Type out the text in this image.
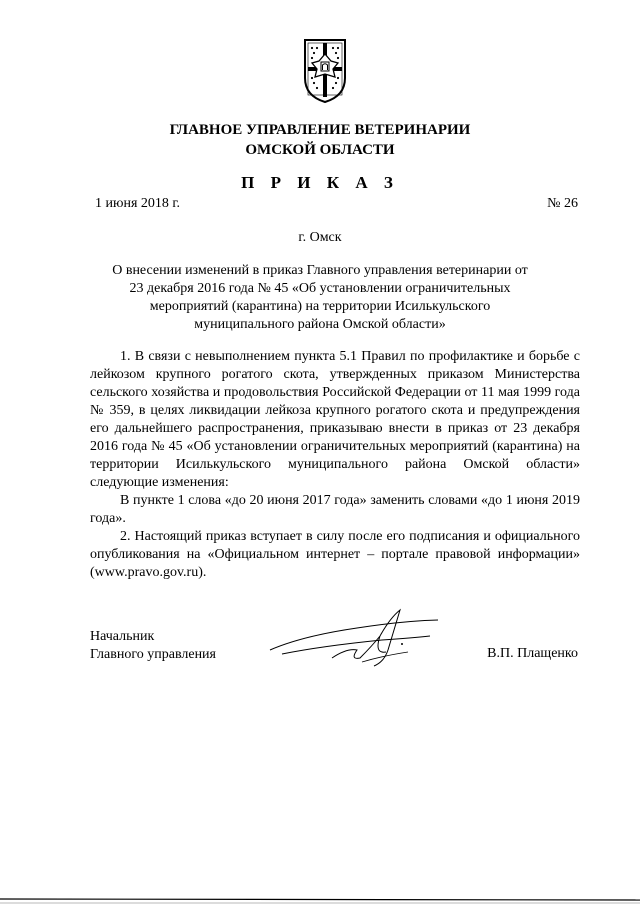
ГЛАВНОЕ УПРАВЛЕНИЕ ВЕТЕРИНАРИИ
ОМСКОЙ ОБЛАСТИ
П Р И К А З
1 июня 2018 г.	№ 26
г. Омск
О внесении изменений в приказ Главного управления ветеринарии от 23 декабря 2016 года № 45 «Об установлении ограничительных мероприятий (карантина) на территории Исилькульского муниципального района Омской области»

1. В связи с невыполнением пункта 5.1 Правил по профилактике и борьбе с лейкозом крупного рогатого скота, утвержденных приказом Министерства сельского хозяйства и продовольствия Российской Федерации от 11 мая 1999 года № 359, в целях ликвидации лейкоза крупного рогатого скота и предупреждения его дальнейшего распространения, приказываю внести в приказ от 23 декабря 2016 года № 45 «Об установлении ограничительных мероприятий (карантина) на территории Исилькульского муниципального района Омской области» следующие изменения:

В пункте 1 слова «до 20 июня 2017 года» заменить словами «до 1 июня 2019 года».

2. Настоящий приказ вступает в силу после его подписания и официального опубликования на «Официальном интернет – портале правовой информации» (www.pravo.gov.ru).

Начальник
Главного управления	В.П. Плащенко
